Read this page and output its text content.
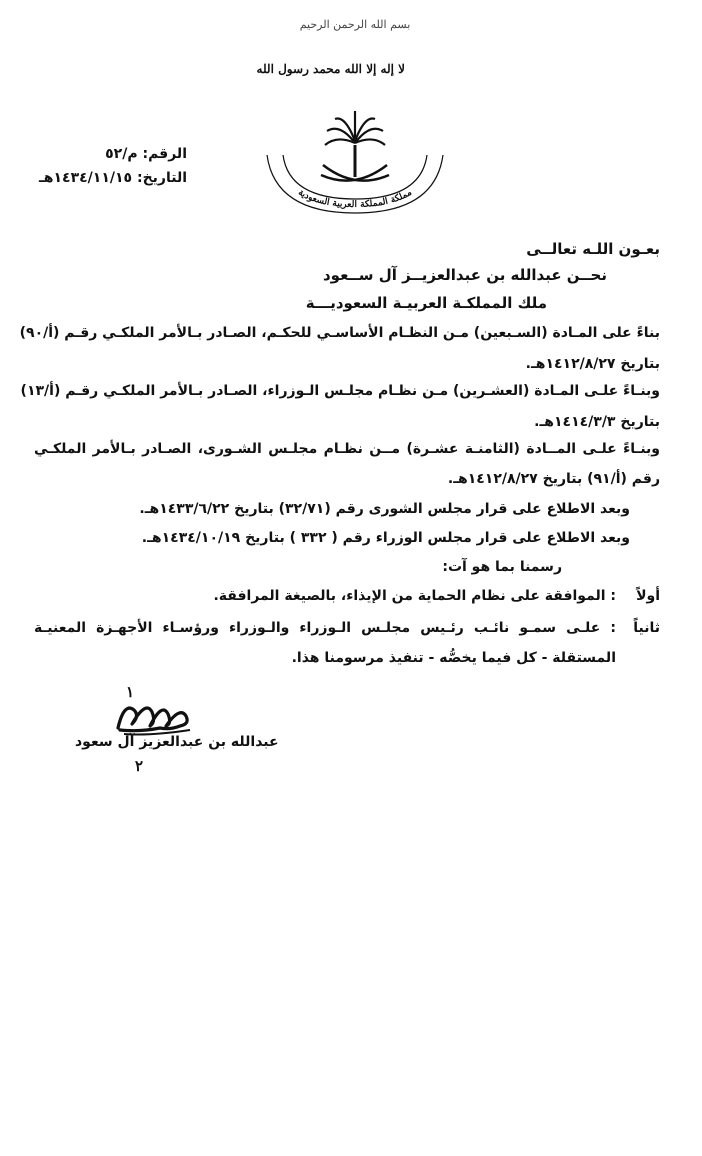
بسم الله الرحمن الرحيم
لا إله إلا الله محمد رسول الله
مملكة المملكة العربية السعودية
الرقم: م/٥٢
التاريخ: ١٤٣٤/١١/١٥هـ
بعـون اللـه تعالــى
نحــن عبدالله بن عبدالعزيــز آل ســعود
ملك المملكـة العربيـة السعوديـــة
بناءً على المـادة (السـبعين) مـن النظـام الأساسـي للحكـم، الصـادر بـالأمر الملكـي رقـم (أ/٩٠)
بتاريخ ١٤١٢/٨/٢٧هـ.
وبنـاءً علـى المـادة (العشـرين) مـن نظـام مجلـس الـوزراء، الصـادر بـالأمر الملكـي رقـم (أ/١٣)
بتاريخ ١٤١٤/٣/٣هـ.
وبنـاءً علـى المــادة (الثامنـة عشـرة) مــن نظـام مجلـس الشـورى، الصـادر بـالأمر الملكـي
رقم (أ/٩١) بتاريخ ١٤١٢/٨/٢٧هـ.
وبعد الاطلاع على قرار مجلس الشورى رقم (٣٢/٧١) بتاريخ ١٤٣٣/٦/٢٢هـ.
وبعد الاطلاع على قرار مجلس الوزراء رقم ( ٣٣٢ ) بتاريخ ١٤٣٤/١٠/١٩هـ.
رسمنا بما هو آت:
أولاً
: الموافقة على نظام الحماية من الإيذاء، بالصيغة المرافقة.
ثانياً
: علـى سمـو نائـب رئـيس مجلـس الـوزراء والـوزراء ورؤسـاء الأجهـزة المعنيـة
المستقلة - كل فيما يخصُّه - تنفيذ مرسومنا هذا.
١
عبدالله بن عبدالعزيز آل سعود
٢
